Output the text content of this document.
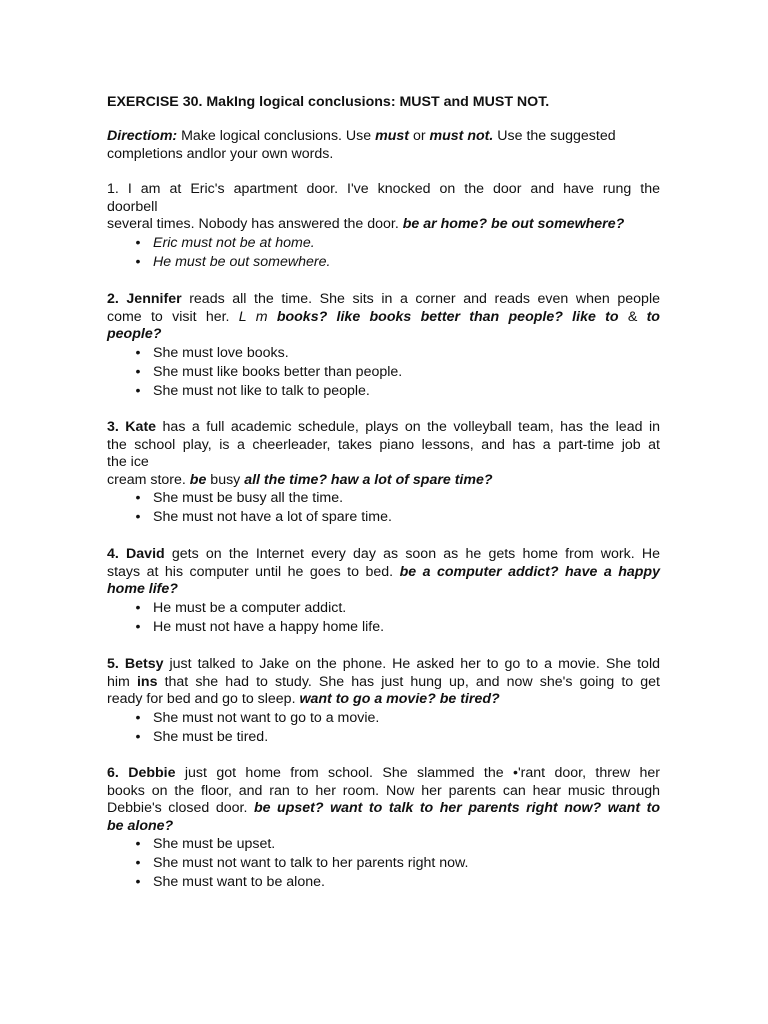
EXERCISE 30. MakIng logical conclusions: MUST and MUST NOT.
Directiom: Make logical conclusions. Use must or must not. Use the suggested
completions andlor your own words.
1. I am at Eric's apartment door. I've knocked on the door and have rung the
doorbell
several times. Nobody has answered the door. be ar home? be out somewhere?
• Eric must not be at home.
• He must be out somewhere.
2. Jennifer reads all the time. She sits in a corner and reads even when people
come to visit her. L m books? like books better than people? like to & to
people?
• She must love books.
• She must like books better than people.
• She must not like to talk to people.
3. Kate has a full academic schedule, plays on the volleyball team, has the lead in
the school play, is a cheerleader, takes piano lessons, and has a part-time job at
the ice
cream store. be busy all the time? haw a lot of spare time?
• She must be busy all the time.
• She must not have a lot of spare time.
4. David gets on the Internet every day as soon as he gets home from work. He
stays at his computer until he goes to bed. be a computer addict? have a happy
home life?
• He must be a computer addict.
• He must not have a happy home life.
5. Betsy just talked to Jake on the phone. He asked her to go to a movie. She told
him ins that she had to study. She has just hung up, and now she's going to get
ready for bed and go to sleep. want to go a movie? be tired?
• She must not want to go to a movie.
• She must be tired.
6. Debbie just got home from school. She slammed the •'rant door, threw her
books on the floor, and ran to her room. Now her parents can hear music through
Debbie's closed door. be upset? want to talk to her parents right now? want to
be alone?
• She must be upset.
• She must not want to talk to her parents right now.
• She must want to be alone.
